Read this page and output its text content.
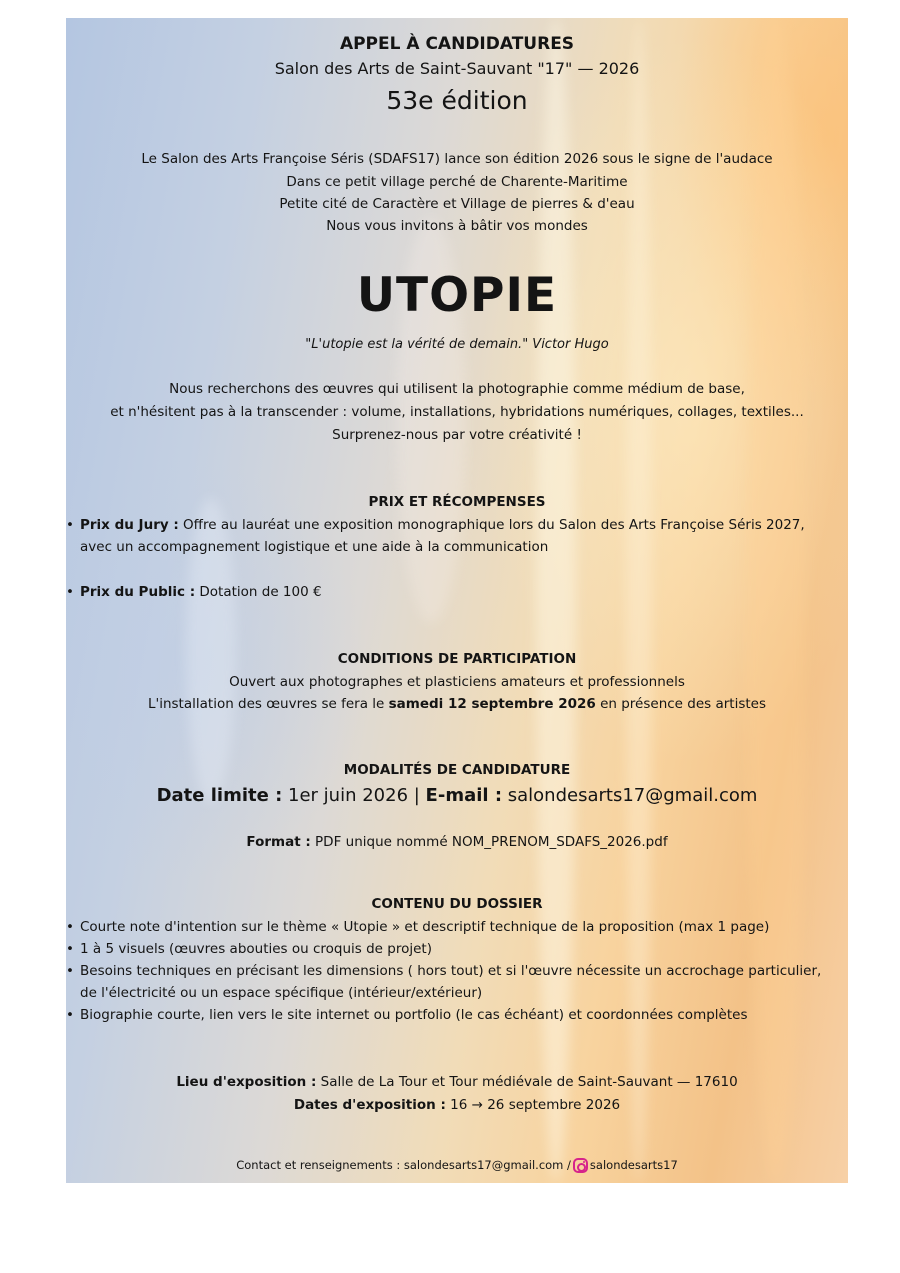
APPEL À CANDIDATURES

Salon des Arts de Saint-Sauvant "17" — 2026

53e édition

Le Salon des Arts Françoise Séris (SDAFS17) lance son édition 2026 sous le signe de l'audace

Dans ce petit village perché de Charente-Maritime

Petite cité de Caractère et Village de pierres & d'eau

Nous vous invitons à bâtir vos mondes

UTOPIE

"L'utopie est la vérité de demain." Victor Hugo

Nous recherchons des œuvres qui utilisent la photographie comme médium de base,

et n'hésitent pas à la transcender : volume, installations, hybridations numériques, collages, textiles...

Surprenez-nous par votre créativité !

PRIX ET RÉCOMPENSES

• Prix du Jury : Offre au lauréat une exposition monographique lors du Salon des Arts Françoise Séris 2027, avec un accompagnement logistique et une aide à la communication
• Prix du Public : Dotation de 100 €

CONDITIONS DE PARTICIPATION

Ouvert aux photographes et plasticiens amateurs et professionnels

L'installation des œuvres se fera le samedi 12 septembre 2026 en présence des artistes

MODALITÉS DE CANDIDATURE

Date limite : 1er juin 2026 | E-mail : salondesarts17@gmail.com

Format : PDF unique nommé NOM_PRENOM_SDAFS_2026.pdf

CONTENU DU DOSSIER

• Courte note d'intention sur le thème « Utopie » et descriptif technique de la proposition (max 1 page)
• 1 à 5 visuels (œuvres abouties ou croquis de projet)
• Besoins techniques en précisant les dimensions ( hors tout) et si l'œuvre nécessite un accrochage particulier, de l'électricité ou un espace spécifique (intérieur/extérieur)
• Biographie courte, lien vers le site internet ou portfolio (le cas échéant) et coordonnées complètes

Lieu d'exposition : Salle de La Tour et Tour médiévale de Saint-Sauvant — 17610

Dates d'exposition : 16 → 26 septembre 2026

Contact et renseignements : salondesarts17@gmail.com / salondesarts17
